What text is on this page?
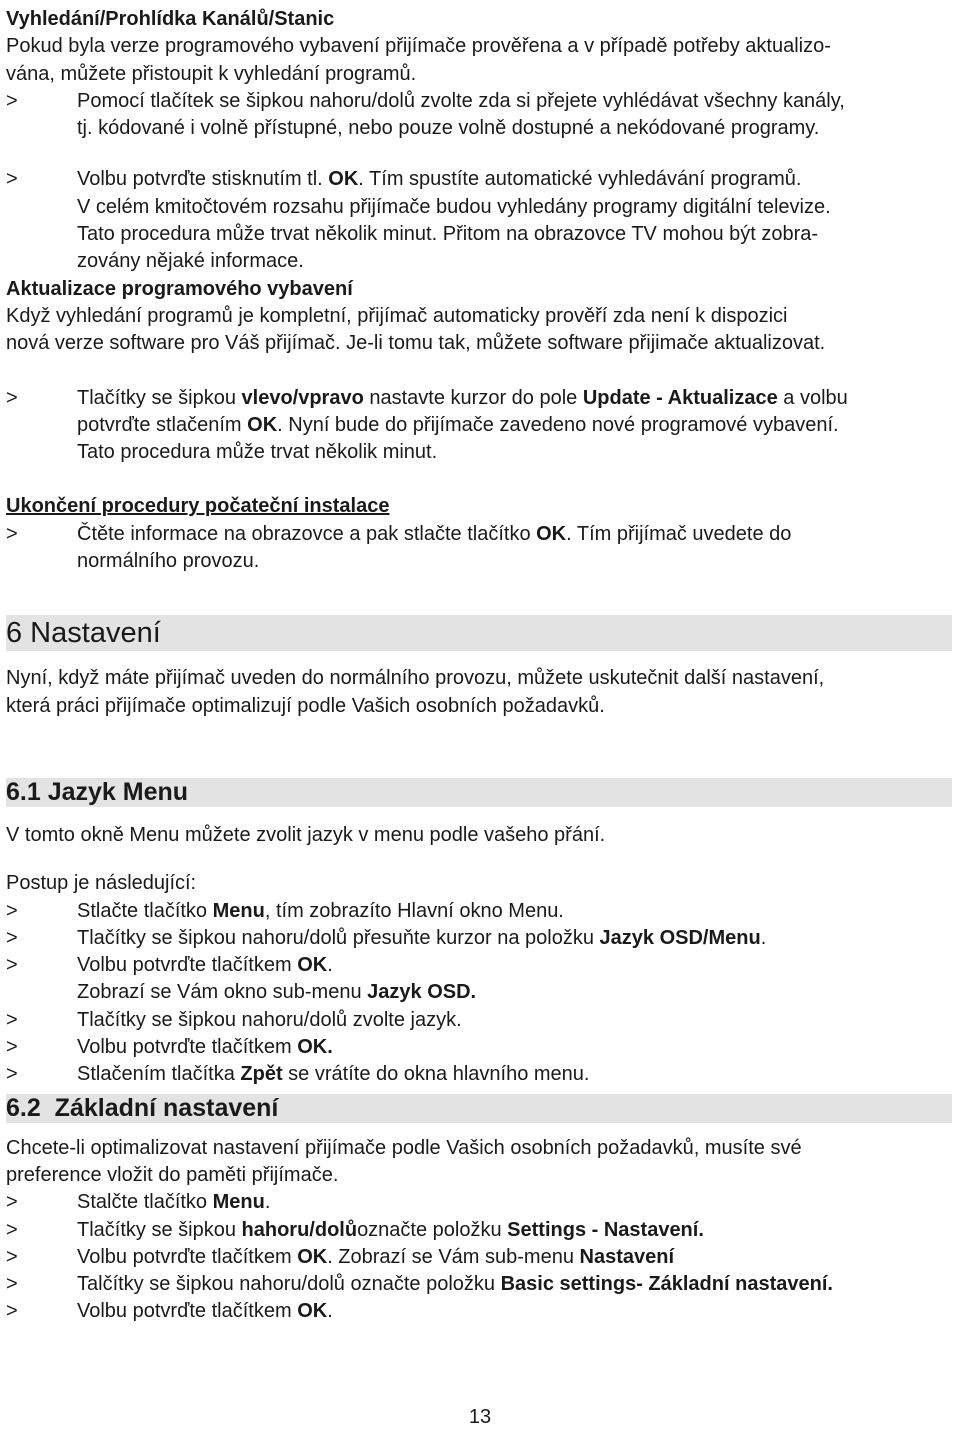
Vyhledání/Prohlídka Kanálů/Stanic

Pokud byla verze programového vybavení přijímače prověřena a v případě potřeby aktualizo-

vána, můžete přistoupit k vyhledání programů.

>	Pomocí tlačítek se šipkou nahoru/dolů zvolte zda si přejete vyhlédávat všechny kanály,
tj. kódované i volně přístupné, nebo pouze volně dostupné a nekódované programy.
>	Volbu potvrďte stisknutím tl. OK. Tím spustíte automatické vyhledávání programů.
V celém kmitočtovém rozsahu přijímače budou vyhledány programy digitální televize.
Tato procedura může trvat několik minut. Přitom na obrazovce TV mohou být zobra-
zovány nějaké informace.

Aktualizace programového vybavení

Když vyhledání programů je kompletní, přijímač automaticky prověří zda není k dispozici

nová verze software pro Váš přijímač. Je-li tomu tak, můžete software přijimače aktualizovat.

>	Tlačítky se šipkou vlevo/vpravo nastavte kurzor do pole Update - Aktualizace a volbu
potvrďte stlačením OK. Nyní bude do přijímače zavedeno nové programové vybavení.
Tato procedura může trvat několik minut.

Ukončení procedury počateční instalace

>	Čtěte informace na obrazovce a pak stlačte tlačítko OK. Tím přijímač uvedete do
normálního provozu.
6 Nastavení

Nyní, když máte přijímač uveden do normálního provozu, můžete uskutečnit další nastavení,

která práci přijímače optimalizují podle Vašich osobních požadavků.

6.1 Jazyk Menu

V tomto okně Menu můžete zvolit jazyk v menu podle vašeho přání.

Postup je následující:

>	Stlačte tlačítko Menu, tím zobrazíto Hlavní okno Menu.
>	Tlačítky se šipkou nahoru/dolů přesuňte kurzor na položku Jazyk OSD/Menu.
>	Volbu potvrďte tlačítkem OK.
Zobrazí se Vám okno sub-menu Jazyk OSD.
>	Tlačítky se šipkou nahoru/dolů zvolte jazyk.
>	Volbu potvrďte tlačítkem OK.
>	Stlačením tlačítka Zpět se vrátíte do okna hlavního menu.
6.2 Základní nastavení

Chcete-li optimalizovat nastavení přijímače podle Vašich osobních požadavků, musíte své

preference vložit do paměti přijímače.

>	Stalčte tlačítko Menu.
>	Tlačítky se šipkou hahoru/dolůoznačte položku Settings - Nastavení.
>	Volbu potvrďte tlačítkem OK. Zobrazí se Vám sub-menu Nastavení
>	Talčítky se šipkou nahoru/dolů označte položku Basic settings- Základní nastavení.
>	Volbu potvrďte tlačítkem OK.
13
